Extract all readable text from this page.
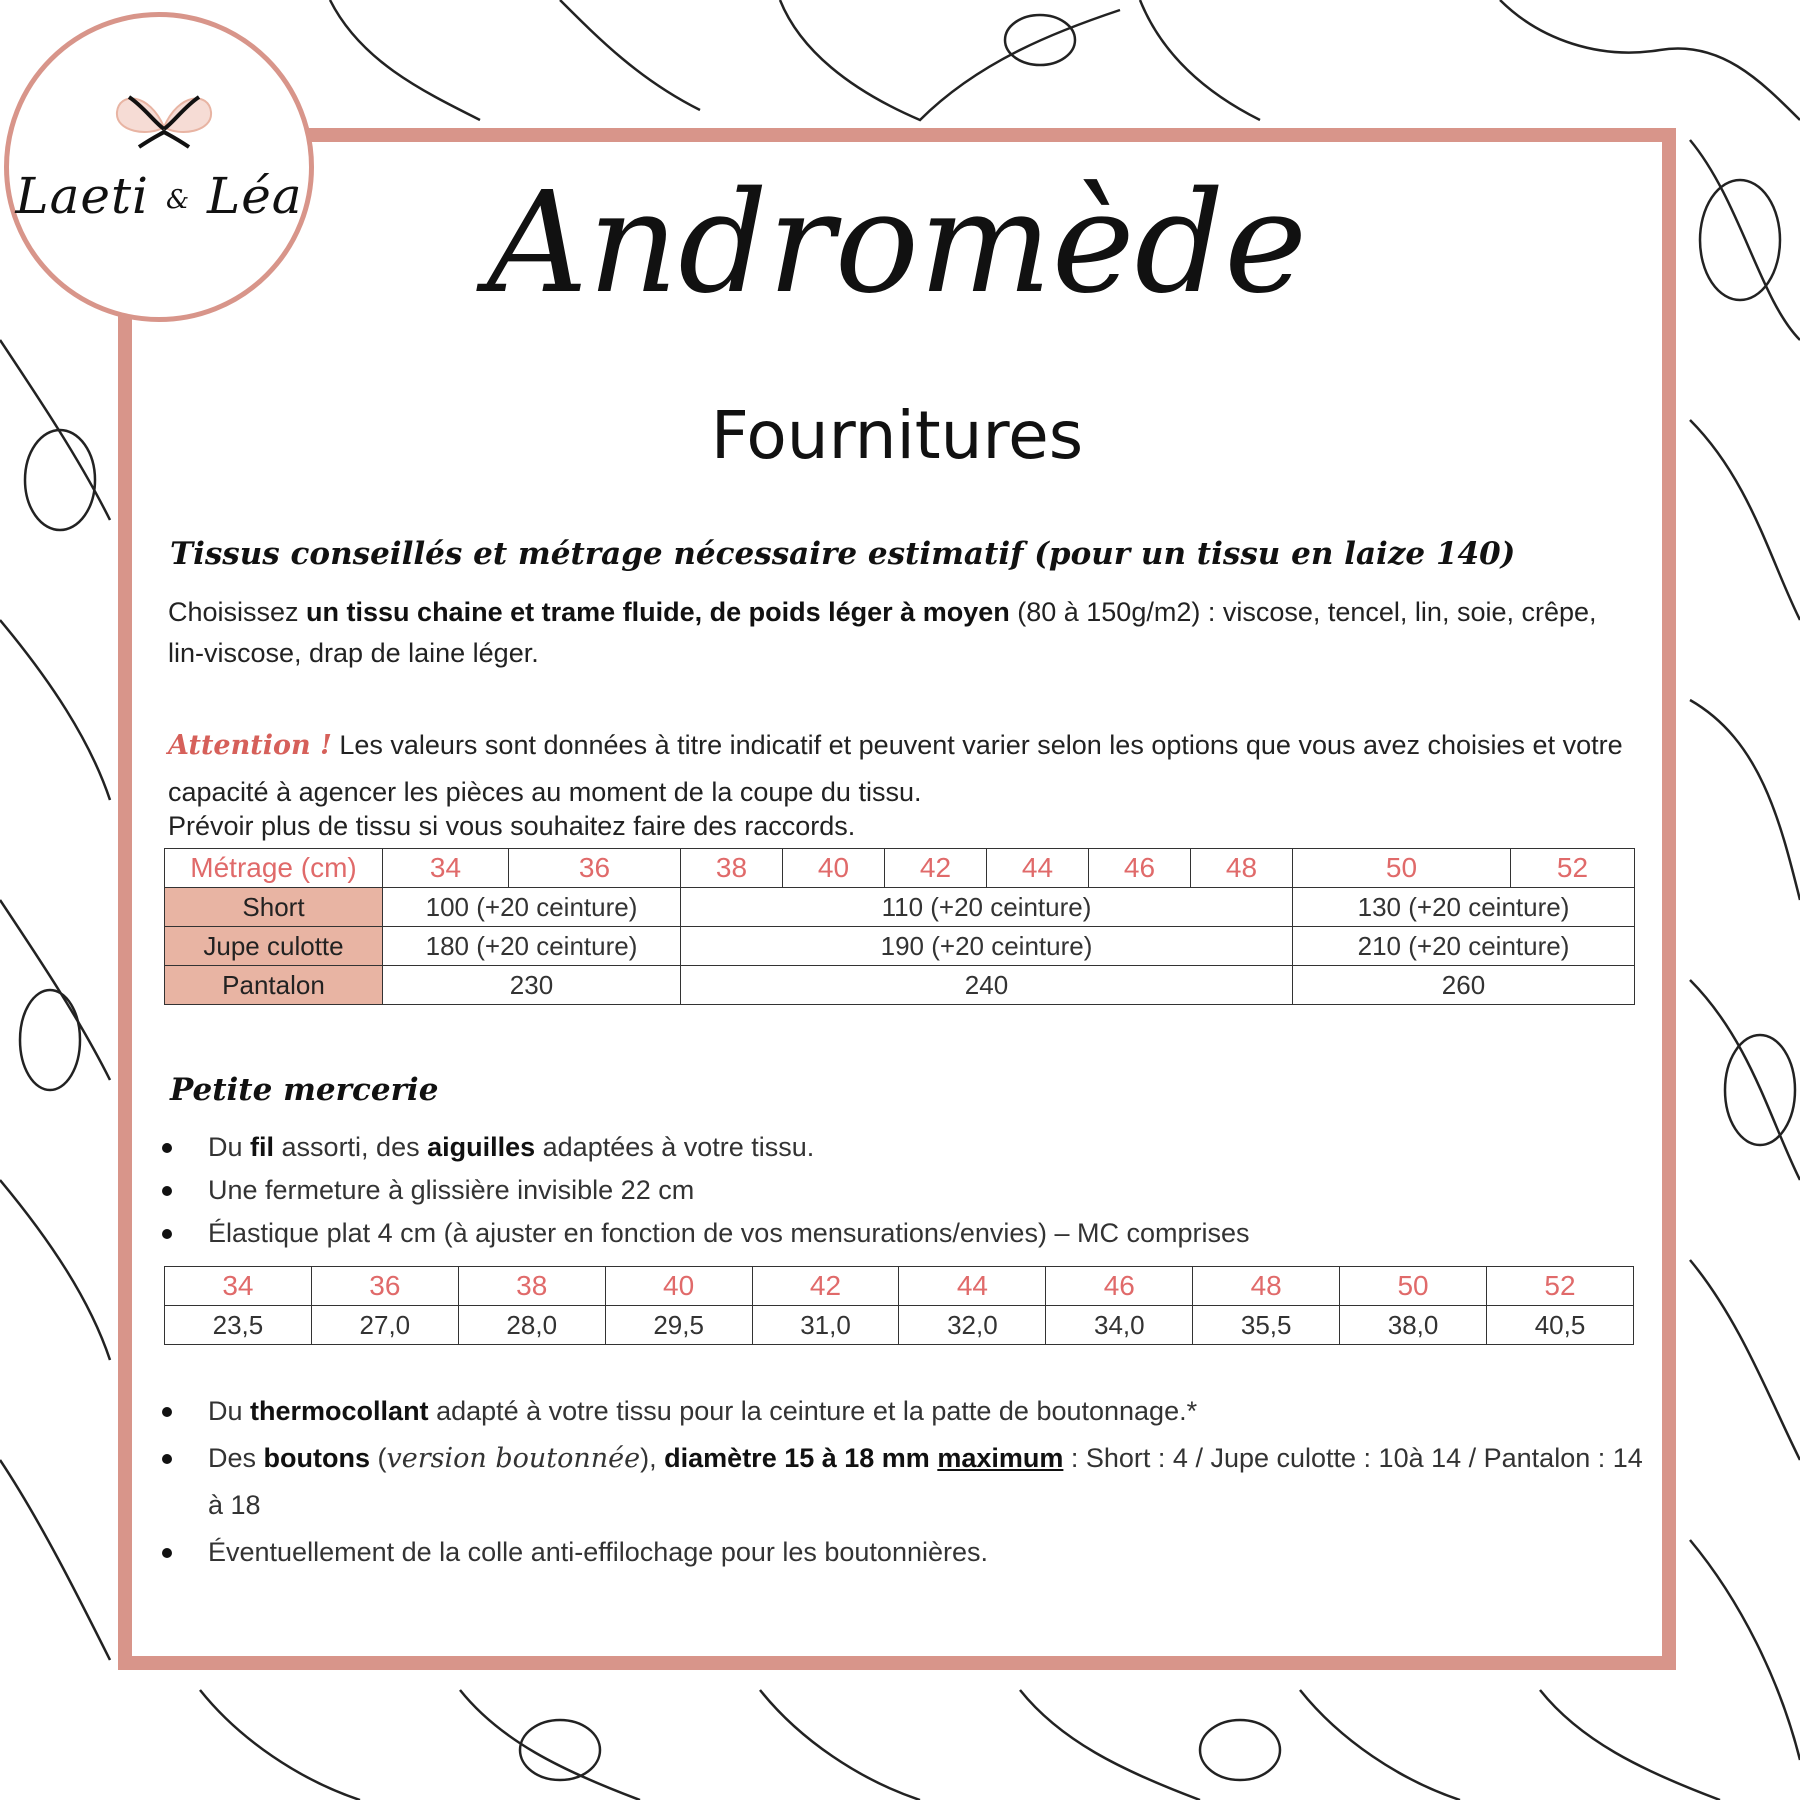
Laeti & Léa	Andromède
Fournitures
Tissus conseillés et métrage nécessaire estimatif (pour un tissu en laize 140)
Choisissez un tissu chaine et trame fluide, de poids léger à moyen (80 à 150g/m2) : viscose, tencel, lin, soie, crêpe, lin-viscose, drap de laine léger.
Attention ! Les valeurs sont données à titre indicatif et peuvent varier selon les options que vous avez choisies et votre capacité à agencer les pièces au moment de la coupe du tissu.
Prévoir plus de tissu si vous souhaitez faire des raccords.
Métrage (cm)	34	36	38	40	42	44	46	48	50	52
Short	100 (+20 ceinture)		110 (+20 ceinture)						130 (+20 ceinture)	
Jupe culotte	180 (+20 ceinture)		190 (+20 ceinture)						210 (+20 ceinture)	
Pantalon	230		240						260	
Petite mercerie
Du fil assorti, des aiguilles adaptées à votre tissu.
Une fermeture à glissière invisible 22 cm
Élastique plat 4 cm (à ajuster en fonction de vos mensurations/envies) – MC comprises
34	36	38	40	42	44	46	48	50	52
23,5	27,0	28,0	29,5	31,0	32,0	34,0	35,5	38,0	40,5
Du thermocollant adapté à votre tissu pour la ceinture et la patte de boutonnage.*
Des boutons (version boutonnée), diamètre 15 à 18 mm maximum : Short : 4 / Jupe culotte : 10à 14 / Pantalon : 14 à 18
Éventuellement de la colle anti-effilochage pour les boutonnières.
